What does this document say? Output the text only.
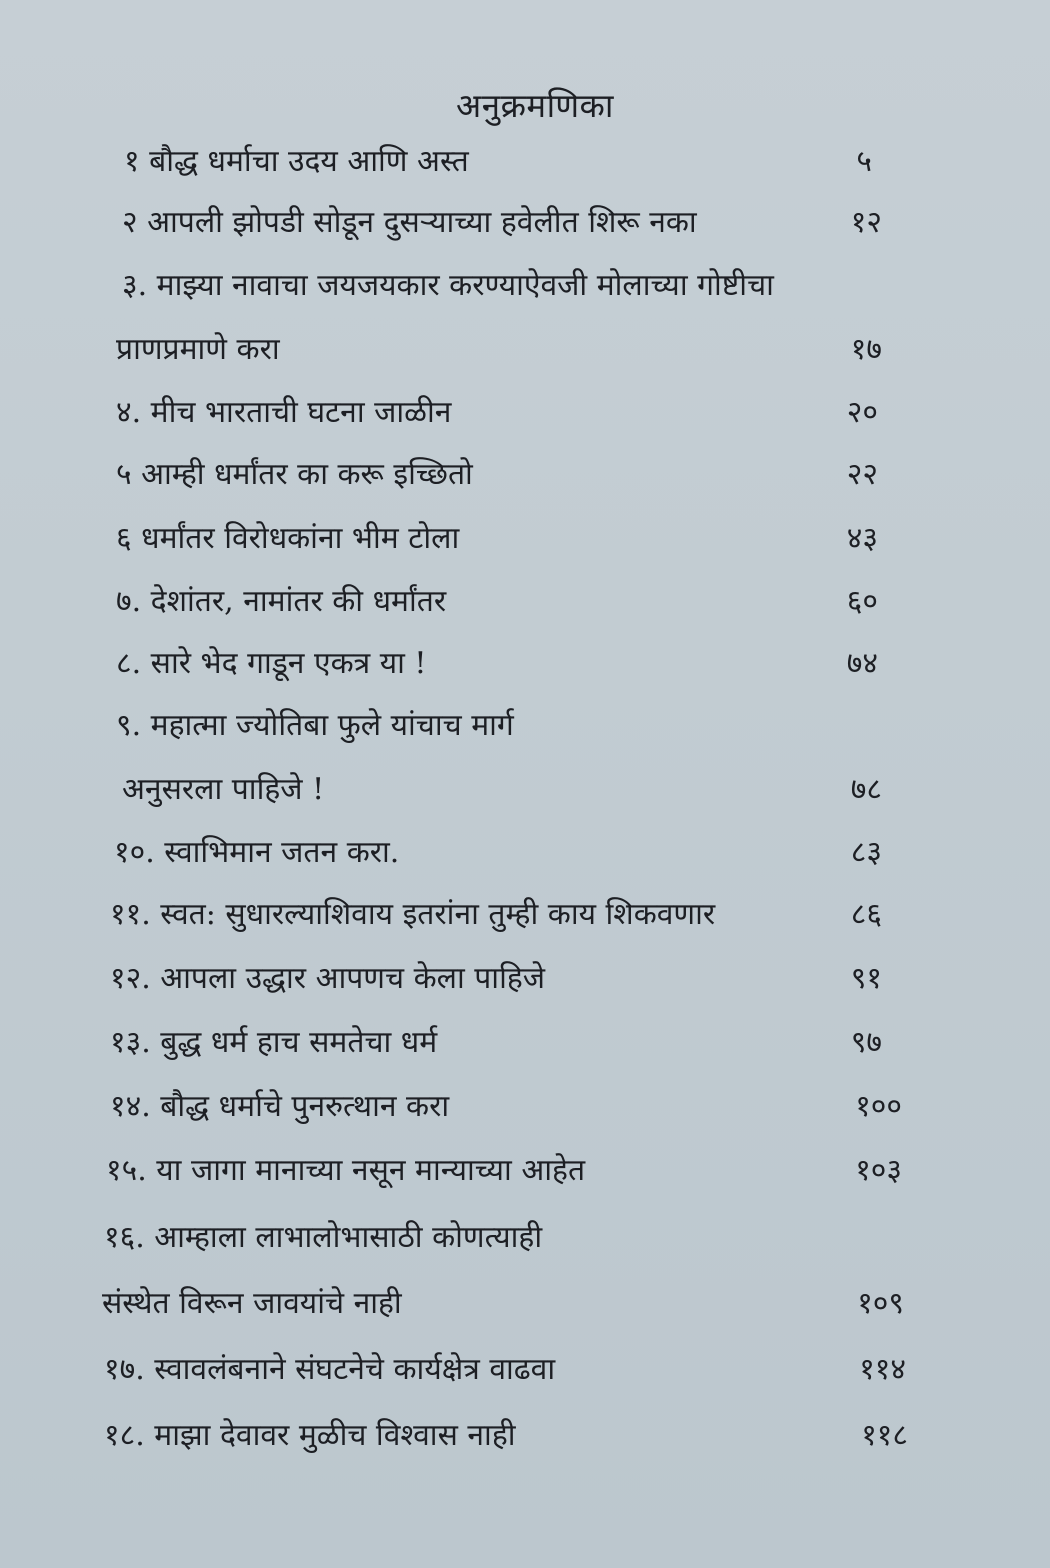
अनुक्रमणिका
१ बौद्ध धर्माचा उदय आणि अस्त	५
२ आपली झोपडी सोडून दुसऱ्याच्या हवेलीत शिरू नका	१२
३. माझ्या नावाचा जयजयकार करण्याऐवजी मोलाच्या गोष्टीचा
प्राणप्रमाणे करा	१७
४. मीच भारताची घटना जाळीन	२०
५ आम्ही धर्मांतर का करू इच्छितो	२२
६ धर्मांतर विरोधकांना भीम टोला	४३
७. देशांतर, नामांतर की धर्मांतर	६०
८. सारे भेद गाडून एकत्र या !	७४
९. महात्मा ज्योतिबा फुले यांचाच मार्ग
अनुसरला पाहिजे !	७८
१०. स्वाभिमान जतन करा.	८३
११. स्वत: सुधारल्याशिवाय इतरांना तुम्ही काय शिकवणार	८६
१२. आपला उद्धार आपणच केला पाहिजे	९१
१३. बुद्ध धर्म हाच समतेचा धर्म	९७
१४. बौद्ध धर्माचे पुनरुत्थान करा	१००
१५. या जागा मानाच्या नसून मान्याच्या आहेत	१०३
१६. आम्हाला लाभालोभासाठी कोणत्याही
संस्थेत विरून जावयांचे नाही	१०९
१७. स्वावलंबनाने संघटनेचे कार्यक्षेत्र वाढवा	११४
१८. माझा देवावर मुळीच विश्वास नाही	११८
